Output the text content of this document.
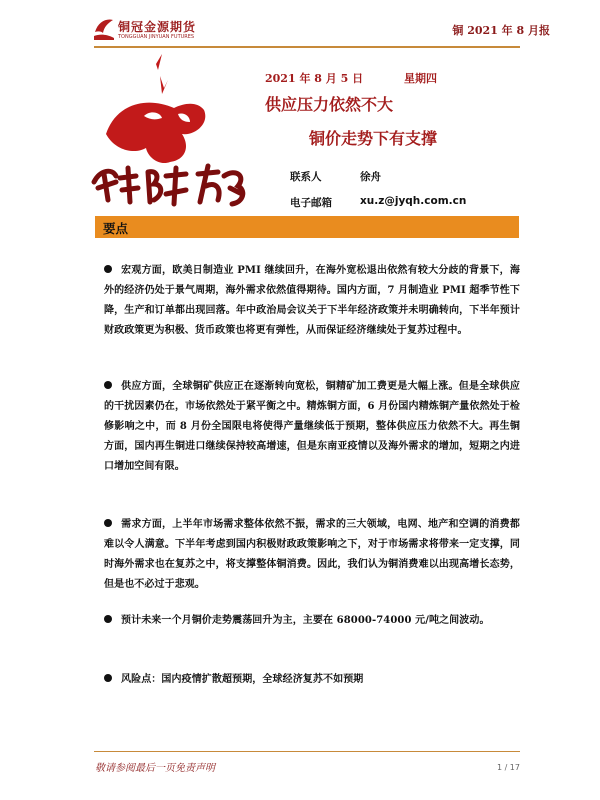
铜冠金源期货
TONGGUAN JINYUAN FUTURES	铜 2021 年 8 月报
2021 年 8 月 5 日	星期四
供应压力依然不大
铜价走势下有支撑
联系人	徐舟
电子邮箱	xu.z@jyqh.com.cn
要点

宏观方面，欧美日制造业 PMI 继续回升，在海外宽松退出依然有较大分歧的背景下，海外的经济仍处于景气周期，海外需求依然值得期待。国内方面，7 月制造业 PMI 超季节性下降，生产和订单都出现回落。年中政治局会议关于下半年经济政策并未明确转向，下半年预计财政政策更为积极、货币政策也将更有弹性，从而保证经济继续处于复苏过程中。

供应方面，全球铜矿供应正在逐渐转向宽松，铜精矿加工费更是大幅上涨。但是全球供应的干扰因素仍在，市场依然处于紧平衡之中。精炼铜方面，6 月份国内精炼铜产量依然处于检修影响之中，而 8 月份全国限电将使得产量继续低于预期，整体供应压力依然不大。再生铜方面，国内再生铜进口继续保持较高增速，但是东南亚疫情以及海外需求的增加，短期之内进口增加空间有限。

需求方面，上半年市场需求整体依然不振，需求的三大领域，电网、地产和空调的消费都难以令人满意。下半年考虑到国内积极财政政策影响之下，对于市场需求将带来一定支撑，同时海外需求也在复苏之中，将支撑整体铜消费。因此，我们认为铜消费难以出现高增长态势，但是也不必过于悲观。

预计未来一个月铜价走势震荡回升为主，主要在 68000-74000 元/吨之间波动。

风险点：国内疫情扩散超预期，全球经济复苏不如预期

敬请参阅最后一页免责声明	1 / 17
